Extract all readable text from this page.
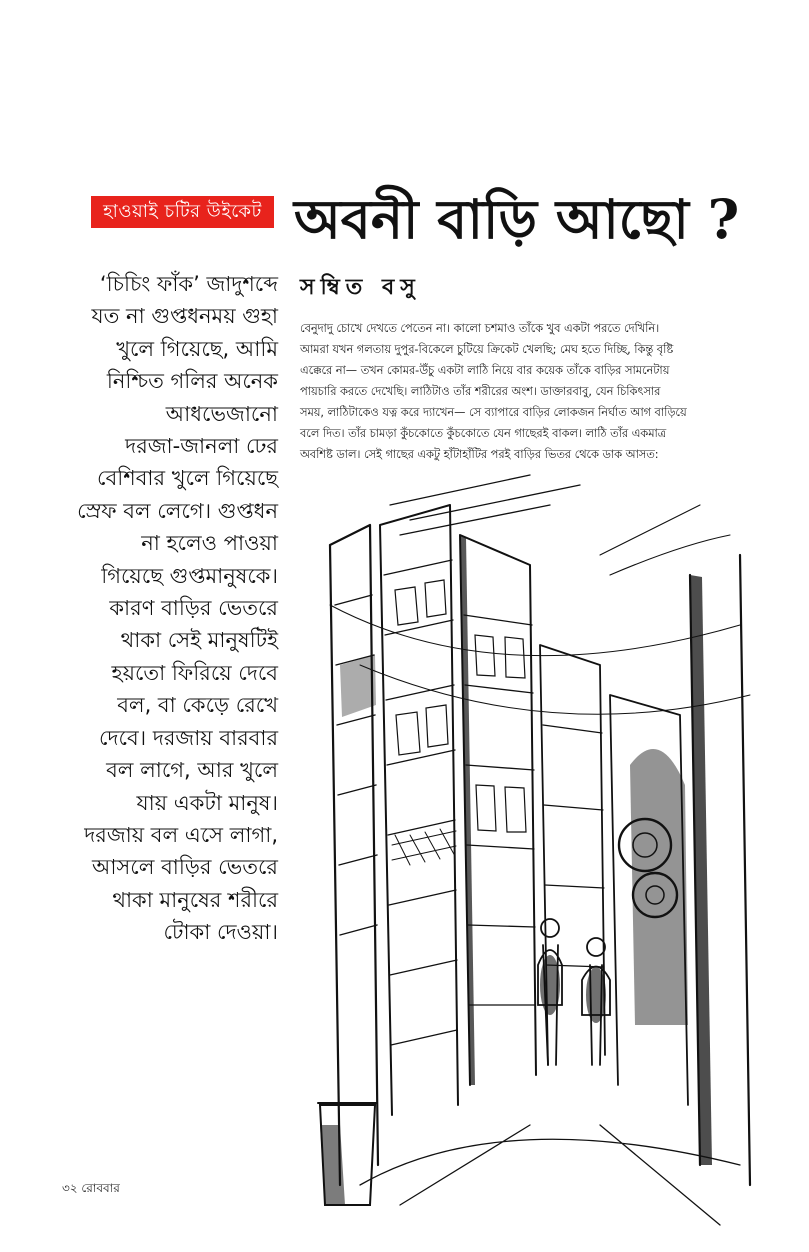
হাওয়াই চটির উইকেট অবনী বাড়ি আছো ?
সম্বিত বসু
‘চিচিং ফাঁক’ জাদুশব্দে
যত না গুপ্তধনময় গুহা
খুলে গিয়েছে, আমি
নিশ্চিত গলির অনেক
আধভেজানো
দরজা-জানলা ঢের
বেশিবার খুলে গিয়েছে
স্রেফ বল লেগে। গুপ্তধন
না হলেও পাওয়া
গিয়েছে গুপ্তমানুষকে।
কারণ বাড়ির ভেতরে
থাকা সেই মানুষটিই
হয়তো ফিরিয়ে দেবে
বল, বা কেড়ে রেখে
দেবে। দরজায় বারবার
বল লাগে, আর খুলে
যায় একটা মানুষ।
দরজায় বল এসে লাগা,
আসলে বাড়ির ভেতরে
থাকা মানুষের শরীরে
টোকা দেওয়া।
বেনুদাদু চোখে দেখতে পেতেন না। কালো চশমাও তাঁকে খুব একটা পরতে দেখিনি।
আমরা যখন গলতায় দুপুর-বিকেলে চুটিয়ে ক্রিকেট খেলছি; মেঘ হতে দিচ্ছি, কিন্তু বৃষ্টি
এক্কেরে না— তখন কোমর-উঁচু একটা লাঠি নিয়ে বার কয়েক তাঁকে বাড়ির সামনেটায়
পায়চারি করতে দেখেছি। লাঠিটাও তাঁর শরীরের অংশ। ডাক্তারবাবু, যেন চিকিৎসার
সময়, লাঠিটাকেও যত্ন করে দ্যাখেন— সে ব্যাপারে বাড়ির লোকজন নির্ঘাত আগ বাড়িয়ে
বলে দিত। তাঁর চামড়া কুঁচকোতে কুঁচকোতে যেন গাছেরই বাকল। লাঠি তাঁর একমাত্র
অবশিষ্ট ডাল। সেই গাছের একটু হাঁটাহাঁটির পরই বাড়ির ভিতর থেকে ডাক আসত:
৩২ রোববার
